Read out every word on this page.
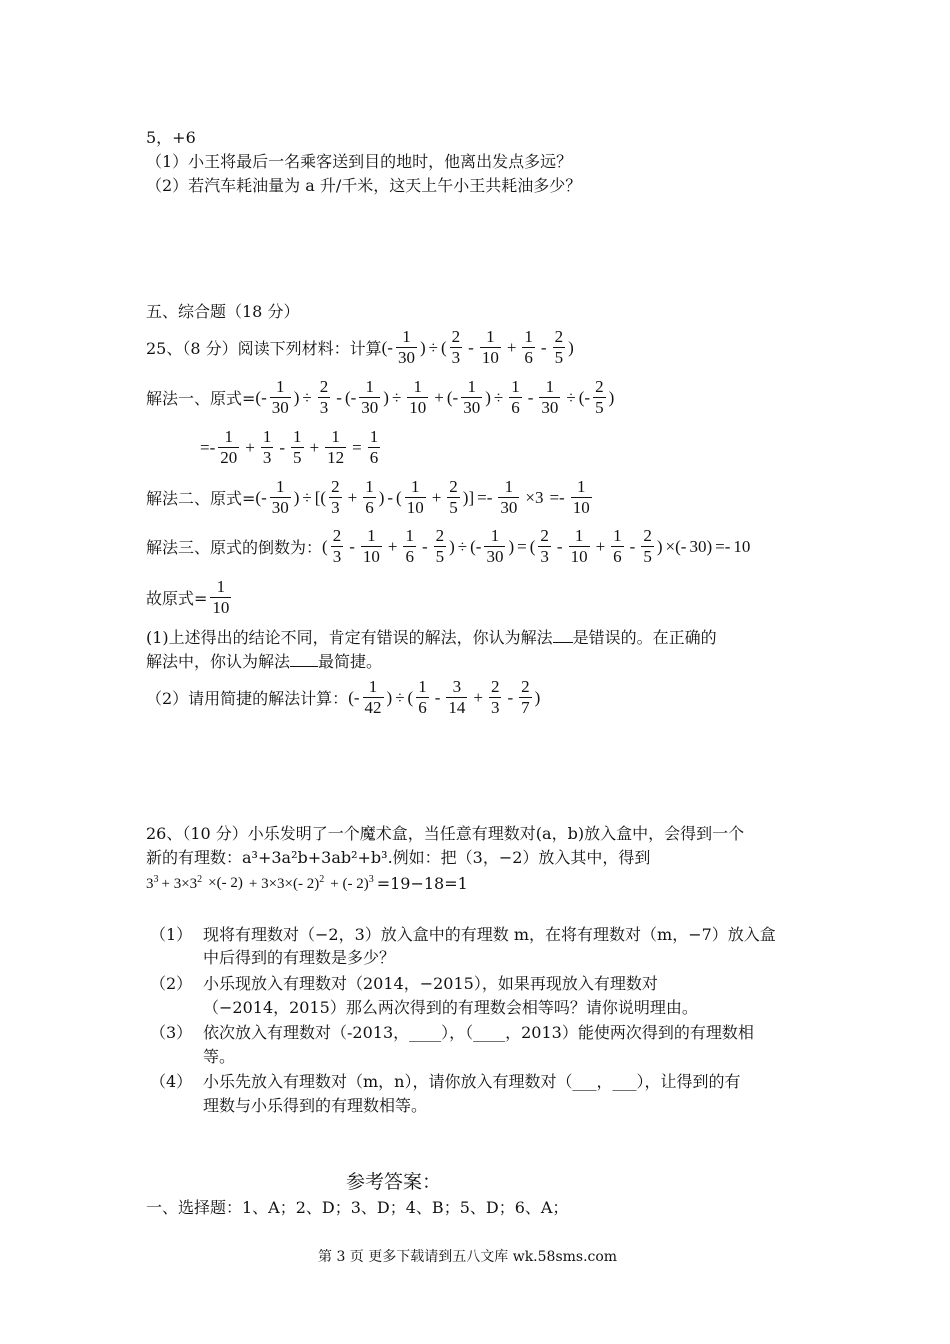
5，+6
（1）小王将最后一名乘客送到目的地时，他离出发点多远？
（2）若汽车耗油量为 a 升/千米，这天上午小王共耗油多少？
五、综合题（18 分）
25、（8 分）阅读下列材料：计算 (- $\frac{1}{30}$ ) ÷ ( $\frac{2}{3} - \frac{1}{10} + \frac{1}{6} - \frac{2}{5}$ )
解法一、原式= (- $\frac{1}{30}$ ) ÷ $\frac{2}{3}$ - (- $\frac{1}{30}$ ) ÷ $\frac{1}{10}$ + (- $\frac{1}{30}$ ) ÷ $\frac{1}{6} - \frac{1}{30}$ ÷ (- $\frac{2}{5}$ )
=- $\frac{1}{20} + \frac{1}{3} - \frac{1}{5} + \frac{1}{12} = \frac{1}{6}$
解法二、原式= (- $\frac{1}{30}$ ) ÷ [( $\frac{2}{3} + \frac{1}{6}$ ) - ( $\frac{1}{10} + \frac{2}{5}$ )] =- $\frac{1}{30} \times 3 =- \frac{1}{10}$
解法三、原式的倒数为： ( $\frac{2}{3} - \frac{1}{10} + \frac{1}{6} - \frac{2}{5}$ ) ÷ (- $\frac{1}{30}$ ) = ( $\frac{2}{3} - \frac{1}{10} + \frac{1}{6} - \frac{2}{5}$ ) ×(- 30) =- 10
故原式= $\frac{1}{10}$
(1)上述得出的结论不同，肯定有错误的解法，你认为解法 是错误的。在正确的
解法中，你认为解法 最简捷。
（2）请用简捷的解法计算： (- $\frac{1}{42}$ ) ÷ ( $\frac{1}{6} - \frac{3}{14} + \frac{2}{3} - \frac{2}{7}$ )
26、（10 分）小乐发明了一个魔术盒，当任意有理数对(a，b)放入盒中，会得到一个
新的有理数：a³+3a²b+3ab²+b³.例如：把（3，−2）放入其中，得到
$3^3 + 3\times 3^2$ ×(- 2) + 3×3×(- 2)$^2$ + (- 2)$^3$ =19−18=1
（1） 现将有理数对（−2，3）放入盒中的有理数 m，在将有理数对（m，−7）放入盒
中后得到的有理数是多少？
（2） 小乐现放入有理数对（2014，−2015），如果再现放入有理数对
（−2014，2015）那么两次得到的有理数会相等吗？请你说明理由。
（3） 依次放入有理数对（-2013，____），（____，2013）能使两次得到的有理数相
等。
（4） 小乐先放入有理数对（m，n），请你放入有理数对（___，___），让得到的有
理数与小乐得到的有理数相等。
参考答案：
一、选择题：1、A；2、D；3、D；4、B；5、D；6、A；
第 3 页 更多下载请到五八文库 wk.58sms.com
